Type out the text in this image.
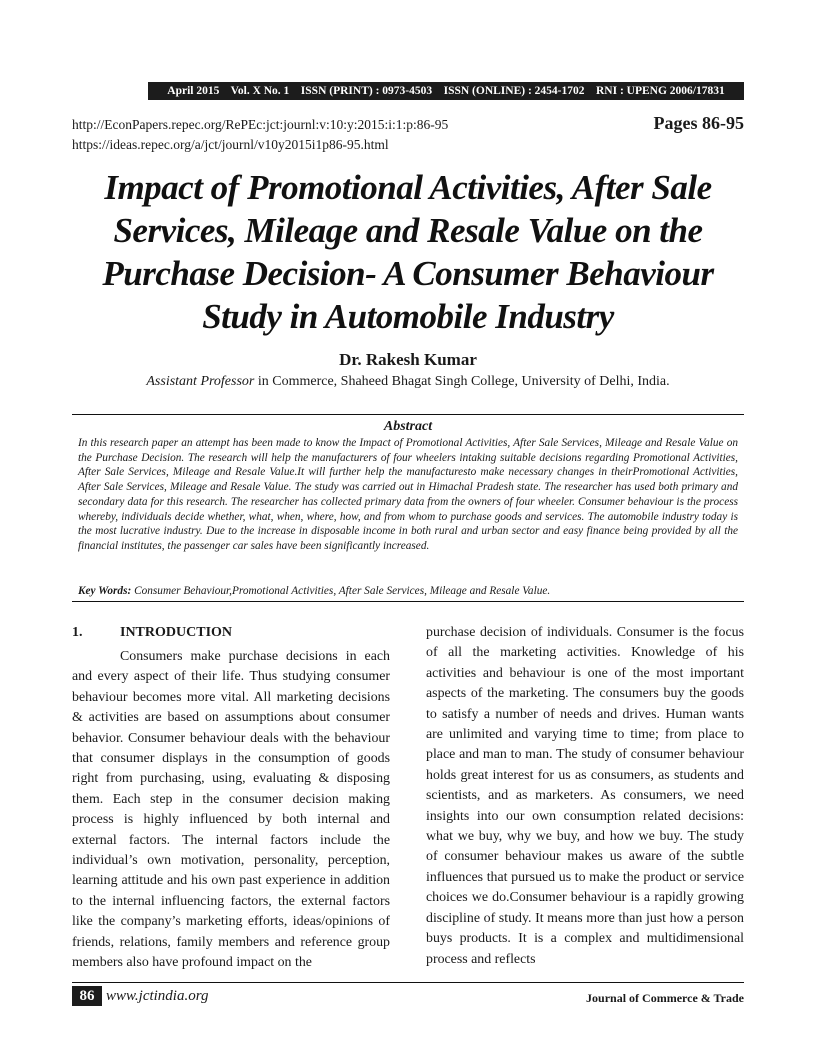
April 2015    Vol. X No. 1    ISSN (PRINT) : 0973-4503    ISSN (ONLINE) : 2454-1702    RNI : UPENG 2006/17831
http://EconPapers.repec.org/RePEc:jct:journl:v:10:y:2015:i:1:p:86-95
https://ideas.repec.org/a/jct/journl/v10y2015i1p86-95.html
Pages 86-95
Impact of Promotional Activities, After Sale Services, Mileage and Resale Value on the Purchase Decision- A Consumer Behaviour Study in Automobile Industry
Dr. Rakesh Kumar
Assistant Professor in Commerce, Shaheed Bhagat Singh College, University of Delhi, India.
Abstract

In this research paper an attempt has been made to know the Impact of Promotional Activities, After Sale Services, Mileage and Resale Value on the Purchase Decision. The research will help the manufacturers of four wheelers intaking suitable decisions regarding Promotional Activities, After Sale Services, Mileage and Resale Value.It will further help the manufacturesto make necessary changes in theirPromotional Activities, After Sale Services, Mileage and Resale Value. The study was carried out in Himachal Pradesh state. The researcher has used both primary and secondary data for this research. The researcher has collected primary data from the owners of four wheeler. Consumer behaviour is the process whereby, individuals decide whether, what, when, where, how, and from whom to purchase goods and services. The automobile industry today is the most lucrative industry. Due to the increase in disposable income in both rural and urban sector and easy finance being provided by all the financial institutes, the passenger car sales have been significantly increased.

Key Words: Consumer Behaviour,Promotional Activities, After Sale Services, Mileage and Resale Value.
1.	INTRODUCTION

Consumers make purchase decisions in each and every aspect of their life. Thus studying consumer behaviour becomes more vital. All marketing decisions & activities are based on assumptions about consumer behavior. Consumer behaviour deals with the behaviour that consumer displays in the consumption of goods right from purchasing, using, evaluating & disposing them. Each step in the consumer decision making process is highly influenced by both internal and external factors. The internal factors include the individual’s own motivation, personality, perception, learning attitude and his own past experience in addition to the internal influencing factors, the external factors like the company’s marketing efforts, ideas/opinions of friends, relations, family members and reference group members also have profound impact on the

purchase decision of individuals. Consumer is the focus of all the marketing activities. Knowledge of his activities and behaviour is one of the most important aspects of the marketing. The consumers buy the goods to satisfy a number of needs and drives. Human wants are unlimited and varying time to time; from place to place and man to man. The study of consumer behaviour holds great interest for us as consumers, as students and scientists, and as marketers. As consumers, we need insights into our own consumption related decisions: what we buy, why we buy, and how we buy. The study of consumer behaviour makes us aware of the subtle influences that pursued us to make the product or service choices we do.Consumer behaviour is a rapidly growing discipline of study. It means more than just how a person buys products. It is a complex and multidimensional process and reflects

86 www.jctindia.org	Journal of Commerce & Trade
